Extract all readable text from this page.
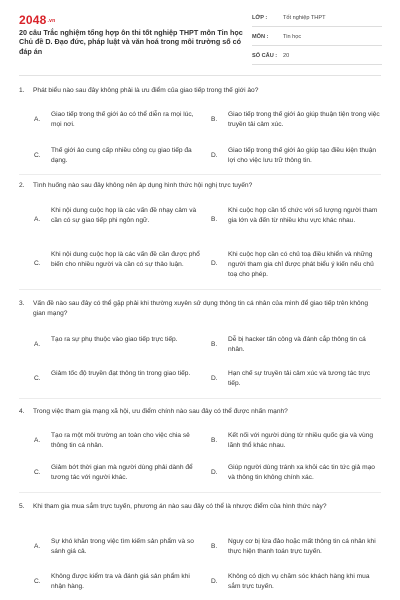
2048.vn
20 câu Trắc nghiệm tổng hợp ôn thi tốt nghiệp THPT môn Tin học Chủ đề D. Đạo đức, pháp luật và văn hoá trong môi trường số có đáp án
LỚP :	Tốt nghiệp THPT
MÔN :	Tin học
SỐ CÂU : 20
1. Phát biểu nào sau đây không phải là ưu điểm của giao tiếp trong thế giới ảo?
A.
Giao tiếp trong thế giới ảo có thể diễn ra mọi lúc, mọi nơi.
B.
Giao tiếp trong thế giới ảo giúp thuận tiện trong việc truyền tải cảm xúc.
C.
Thế giới ảo cung cấp nhiều công cụ giao tiếp đa dạng.
D.
Giao tiếp trong thế giới ảo giúp tạo điều kiện thuận lợi cho việc lưu trữ thông tin.
2. Tình huống nào sau đây không nên áp dụng hình thức hội nghị trực tuyến?
A.
Khi nội dung cuộc họp là các vấn đề nhạy cảm và cần có sự giao tiếp phi ngôn ngữ.	B.
Khi cuộc họp cần tổ chức với số lượng người tham gia lớn và đến từ nhiều khu vực khác nhau.
C.
Khi nội dung cuộc họp là các vấn đề cần được phổ biến cho nhiều người và cần có sự thảo luận.	D.
Khi cuộc họp cần có chủ toạ điều khiển và những người tham gia chỉ được phát biểu ý kiến nếu chủ toạ cho phép.
3. Vấn đề nào sau đây có thể gặp phải khi thường xuyên sử dụng thông tin cá nhân của mình để giao tiếp trên không gian mạng?
A.
Tạo ra sự phụ thuộc vào giao tiếp trực tiếp.
B.
Dễ bị hacker tấn công và đánh cắp thông tin cá nhân.
C.
Giảm tốc độ truyền đạt thông tin trong giao tiếp.
D.
Hạn chế sự truyền tải cảm xúc và tương tác trực tiếp.
4. Trong việc tham gia mạng xã hội, ưu điểm chính nào sau đây có thể được nhấn mạnh?
A.
Tạo ra một môi trường an toàn cho việc chia sẻ thông tin cá nhân.
B.
Kết nối với người dùng từ nhiều quốc gia và vùng lãnh thổ khác nhau.
C.
Giảm bớt thời gian mà người dùng phải dành để tương tác với người khác.
D.
Giúp người dùng tránh xa khỏi các tin tức giả mạo và thông tin không chính xác.
5. Khi tham gia mua sắm trực tuyến, phương án nào sau đây có thể là nhược điểm của hình thức này?
A.
Sự khó khăn trong việc tìm kiếm sản phẩm và so sánh giá cả.
B.
Nguy cơ bị lừa đảo hoặc mất thông tin cá nhân khi thực hiện thanh toán trực tuyến.
C.
Không được kiểm tra và đánh giá sản phẩm khi nhận hàng.
D.
Không có dịch vụ chăm sóc khách hàng khi mua sắm trực tuyến.
